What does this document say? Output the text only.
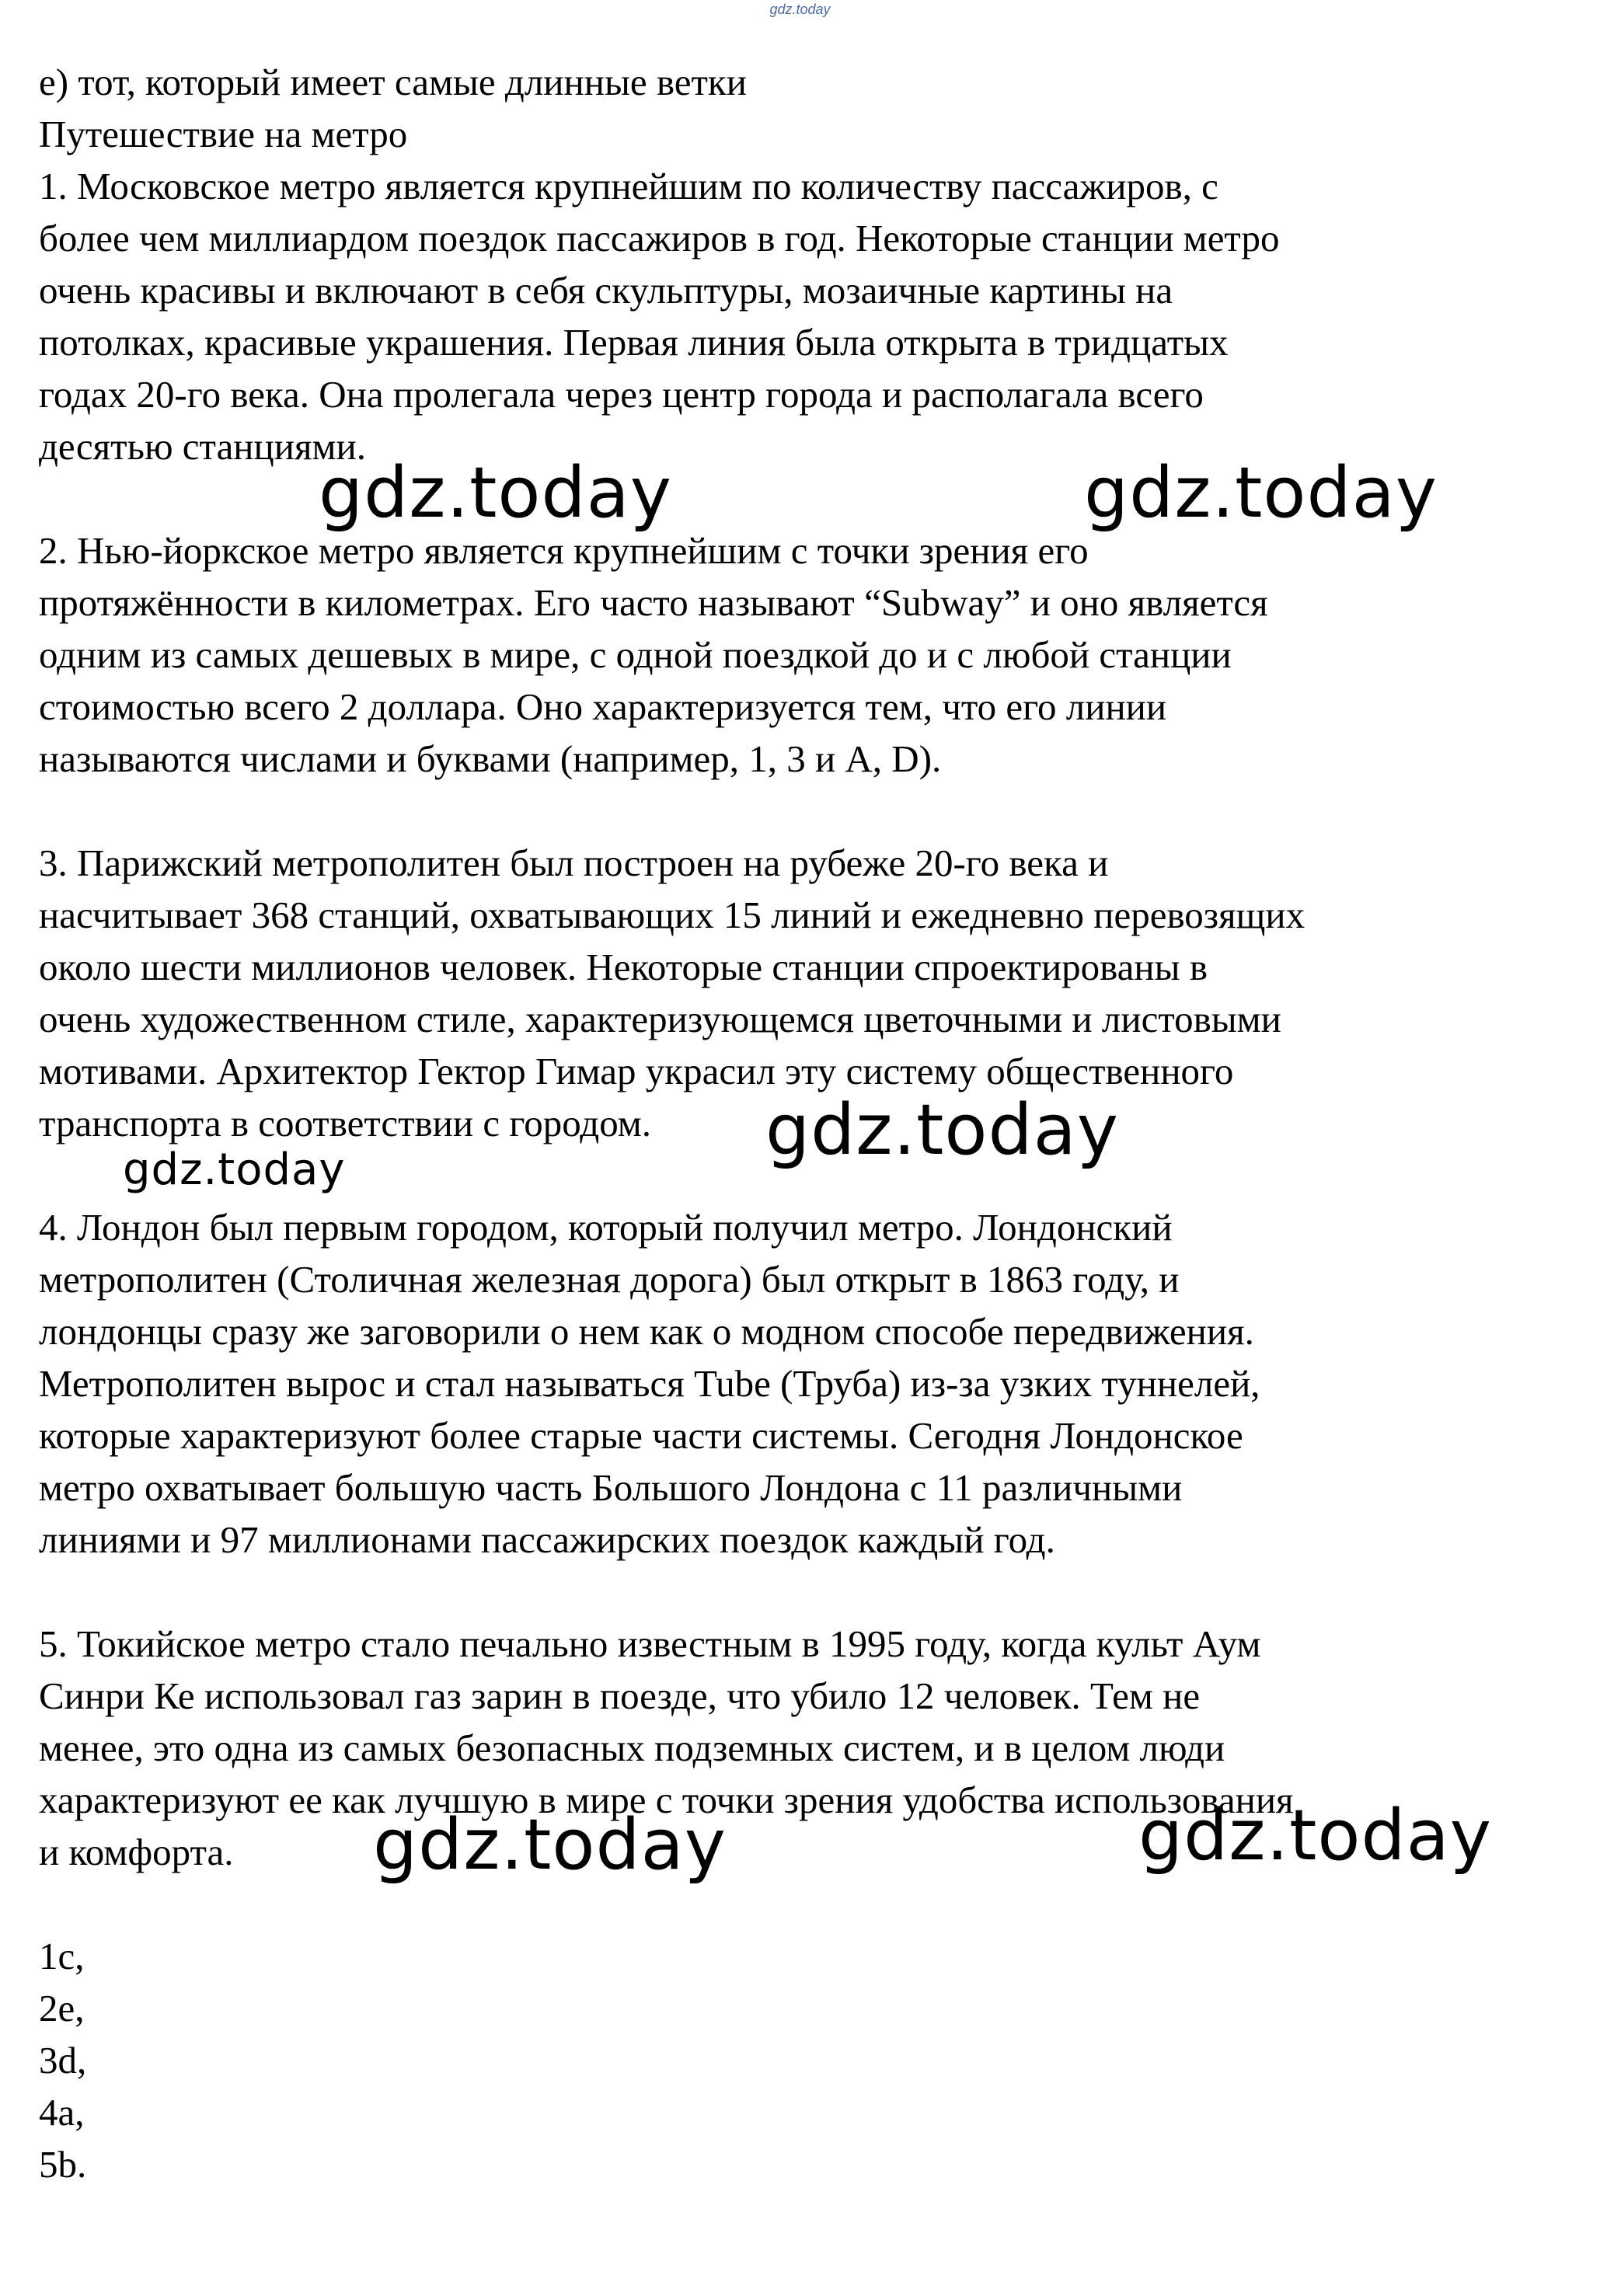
gdz.today
e) тот, который имеет самые длинные ветки
Путешествие на метро
1. Московское метро является крупнейшим по количеству пассажиров, с
более чем миллиардом поездок пассажиров в год. Некоторые станции метро
очень красивы и включают в себя скульптуры, мозаичные картины на
потолках, красивые украшения. Первая линия была открыта в тридцатых
годах 20-го века. Она пролегала через центр города и располагала всего
десятью станциями.
2. Нью-йоркское метро является крупнейшим с точки зрения его
протяжённости в километрах. Его часто называют “Subway” и оно является
одним из самых дешевых в мире, с одной поездкой до и с любой станции
стоимостью всего 2 доллара. Оно характеризуется тем, что его линии
называются числами и буквами (например, 1, 3 и A, D).
3. Парижский метрополитен был построен на рубеже 20-го века и
насчитывает 368 станций, охватывающих 15 линий и ежедневно перевозящих
около шести миллионов человек. Некоторые станции спроектированы в
очень художественном стиле, характеризующемся цветочными и листовыми
мотивами. Архитектор Гектор Гимар украсил эту систему общественного
транспорта в соответствии с городом.
4. Лондон был первым городом, который получил метро. Лондонский
метрополитен (Столичная железная дорога) был открыт в 1863 году, и
лондонцы сразу же заговорили о нем как о модном способе передвижения.
Метрополитен вырос и стал называться Tube (Труба) из-за узких туннелей,
которые характеризуют более старые части системы. Сегодня Лондонское
метро охватывает большую часть Большого Лондона с 11 различными
линиями и 97 миллионами пассажирских поездок каждый год.
5. Токийское метро стало печально известным в 1995 году, когда культ Аум
Синри Ке использовал газ зарин в поезде, что убило 12 человек. Тем не
менее, это одна из самых безопасных подземных систем, и в целом люди
характеризуют ее как лучшую в мире с точки зрения удобства использования
и комфорта.
1c,
2e,
3d,
4a,
5b.
gdz.today	gdz.today
gdz.today
gdz.today
gdz.today	gdz.today
